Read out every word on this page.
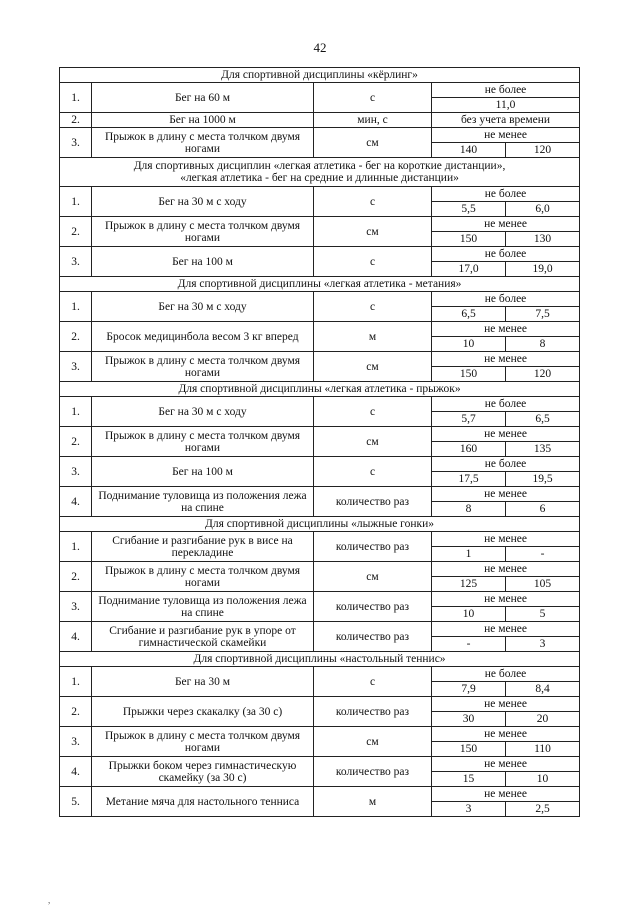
42
Для спортивной дисциплины «кёрлинг»				
1.	Бег на 60 м	с	не более	
			11,0	
2.	Бег на 1000 м	мин, с	без учета времени	
3.	Прыжок в длину с места толчком двумя ногами	см	не менее	
			140	120
Для спортивных дисциплин «легкая атлетика - бег на короткие дистанции», «легкая атлетика - бег на средние и длинные дистанции»				
1.	Бег на 30 м с ходу	с	не более	
			5,5	6,0
2.	Прыжок в длину с места толчком двумя ногами	см	не менее	
			150	130
3.	Бег на 100 м	с	не более	
			17,0	19,0
Для спортивной дисциплины «легкая атлетика - метания»				
1.	Бег на 30 м с ходу	с	не более	
			6,5	7,5
2.	Бросок медицинбола весом 3 кг вперед	м	не менее	
			10	8
3.	Прыжок в длину с места толчком двумя ногами	см	не менее	
			150	120
Для спортивной дисциплины «легкая атлетика - прыжок»				
1.	Бег на 30 м с ходу	с	не более	
			5,7	6,5
2.	Прыжок в длину с места толчком двумя ногами	см	не менее	
			160	135
3.	Бег на 100 м	с	не более	
			17,5	19,5
4.	Поднимание туловища из положения лежа на спине	количество раз	не менее	
			8	6
Для спортивной дисциплины «лыжные гонки»				
1.	Сгибание и разгибание рук в висе на перекладине	количество раз	не менее	
			1	-
2.	Прыжок в длину с места толчком двумя ногами	см	не менее	
			125	105
3.	Поднимание туловища из положения лежа на спине	количество раз	не менее	
			10	5
4.	Сгибание и разгибание рук в упоре от гимнастической скамейки	количество раз	не менее	
			-	3
Для спортивной дисциплины «настольный теннис»				
1.	Бег на 30 м	с	не более	
			7,9	8,4
2.	Прыжки через скакалку (за 30 с)	количество раз	не менее	
			30	20
3.	Прыжок в длину с места толчком двумя ногами	см	не менее	
			150	110
4.	Прыжки боком через гимнастическую скамейку (за 30 с)	количество раз	не менее	
			15	10
5.	Метание мяча для настольного тенниса	м	не менее	
			3	2,5
,
